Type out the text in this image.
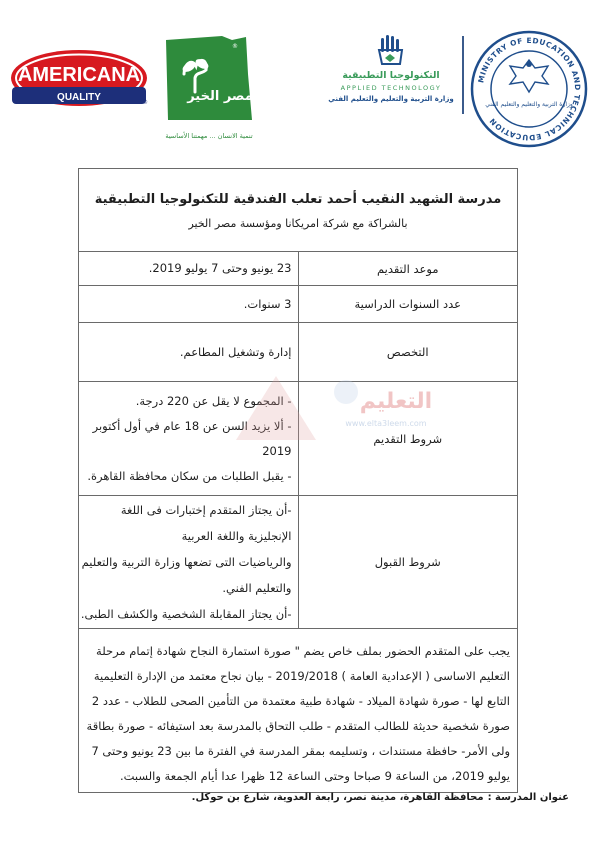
AMERICANA
QUALITY	®
®
مصر الخير
تنمية الانسان ... مهمتنا الأساسية
التكنولوجيا التطبيقية
APPLIED TECHNOLOGY
وزارة التربية والتعليم والتعليم الفني
MINISTRY OF EDUCATION AND TECHNICAL EDUCATION
وزارة التربية والتعليم والتعليم الفني
مدرسة الشهيد النقيب أحمد تعلب الفندقية للتكنولوجيا التطبيقية
بالشراكة مع شركة امريكانا ومؤسسة مصر الخير	

موعد التقديم	23 يونيو وحتى 7 يوليو 2019.

عدد السنوات الدراسية	3 سنوات.

التخصص	إدارة وتشغيل المطاعم.

شروط التقديم	- المجموع لا يقل عن 220 درجة.
- ألا يزيد السن عن 18 عام في أول أكتوبر 2019
- يقبل الطلبات من سكان محافظة القاهرة.

شروط القبول	-أن يجتاز المتقدم إختبارات فى اللغة الإنجليزية واللغة العربية
والرياضيات التى تضعها وزارة التربية والتعليم والتعليم الفني.
-أن يجتاز المقابلة الشخصية والكشف الطبى.

يجب على المتقدم الحضور بملف خاص يضم " صورة استمارة النجاح شهادة إتمام مرحلة التعليم الاساسى ( الإعدادية العامة ) 2019/2018 - بيان نجاح معتمد من الإدارة التعليمية التابع لها - صورة شهادة الميلاد - شهادة طبية معتمدة من التأمين الصحى للطلاب - عدد 2 صورة شخصية حديثة للطالب المتقدم - طلب التحاق بالمدرسة بعد استيفائه - صورة بطاقة ولى الأمر- حافظة مستندات ، وتسليمه بمقر المدرسة في الفترة ما بين 23 يونيو وحتى 7 يوليو 2019، من الساعة 9 صباحا وحتى الساعة 12 ظهرا عدا أيام الجمعة والسبت.	
التعليم
www.elta3leem.com
عنوان المدرسة :محافظة القاهرة، مدينة نصر، رابعة العدوية، شارع بن حوكل.
